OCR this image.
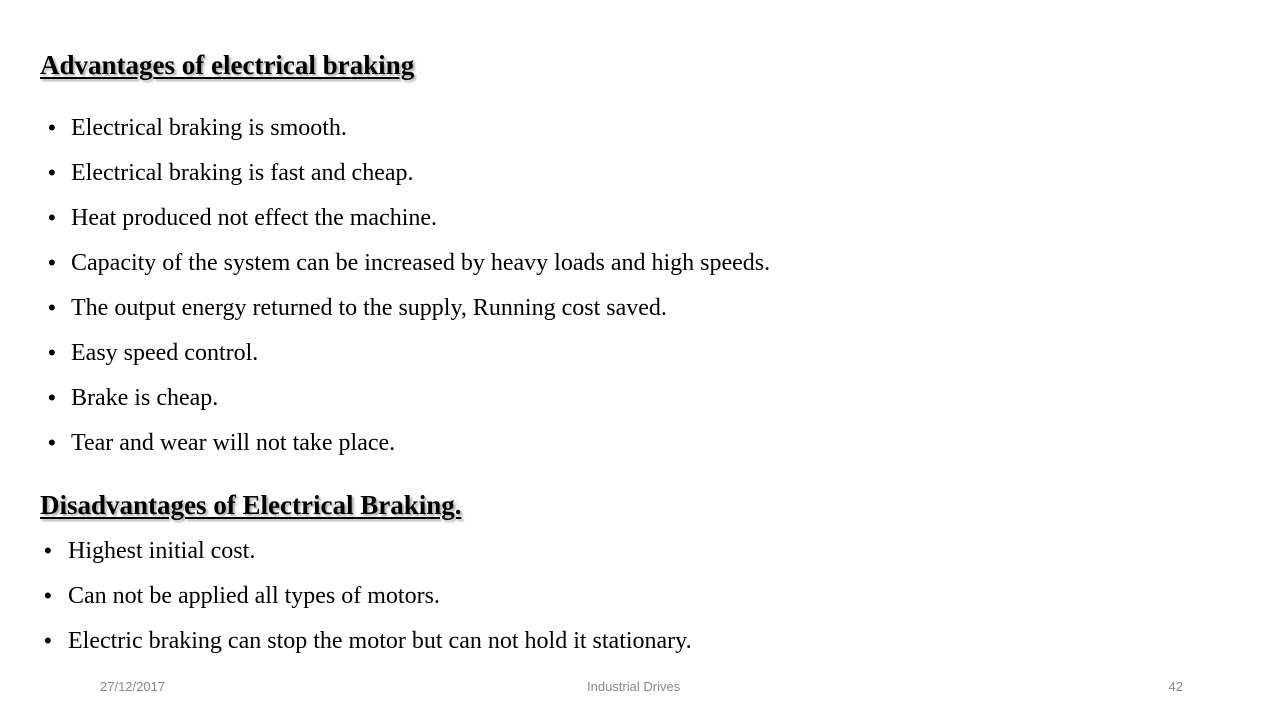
Advantages of electrical braking
• Electrical braking is smooth.
• Electrical braking is fast and cheap.
• Heat produced not effect the machine.
• Capacity of the system can be increased by heavy loads and high speeds.
• The output energy returned to the supply, Running cost saved.
• Easy speed control.
• Brake is cheap.
• Tear and wear will not take place.
Disadvantages of Electrical Braking.
• Highest initial cost.
• Can not be applied all types of motors.
• Electric braking can stop the motor but can not hold it stationary.
27/12/2017	Industrial Drives	42
